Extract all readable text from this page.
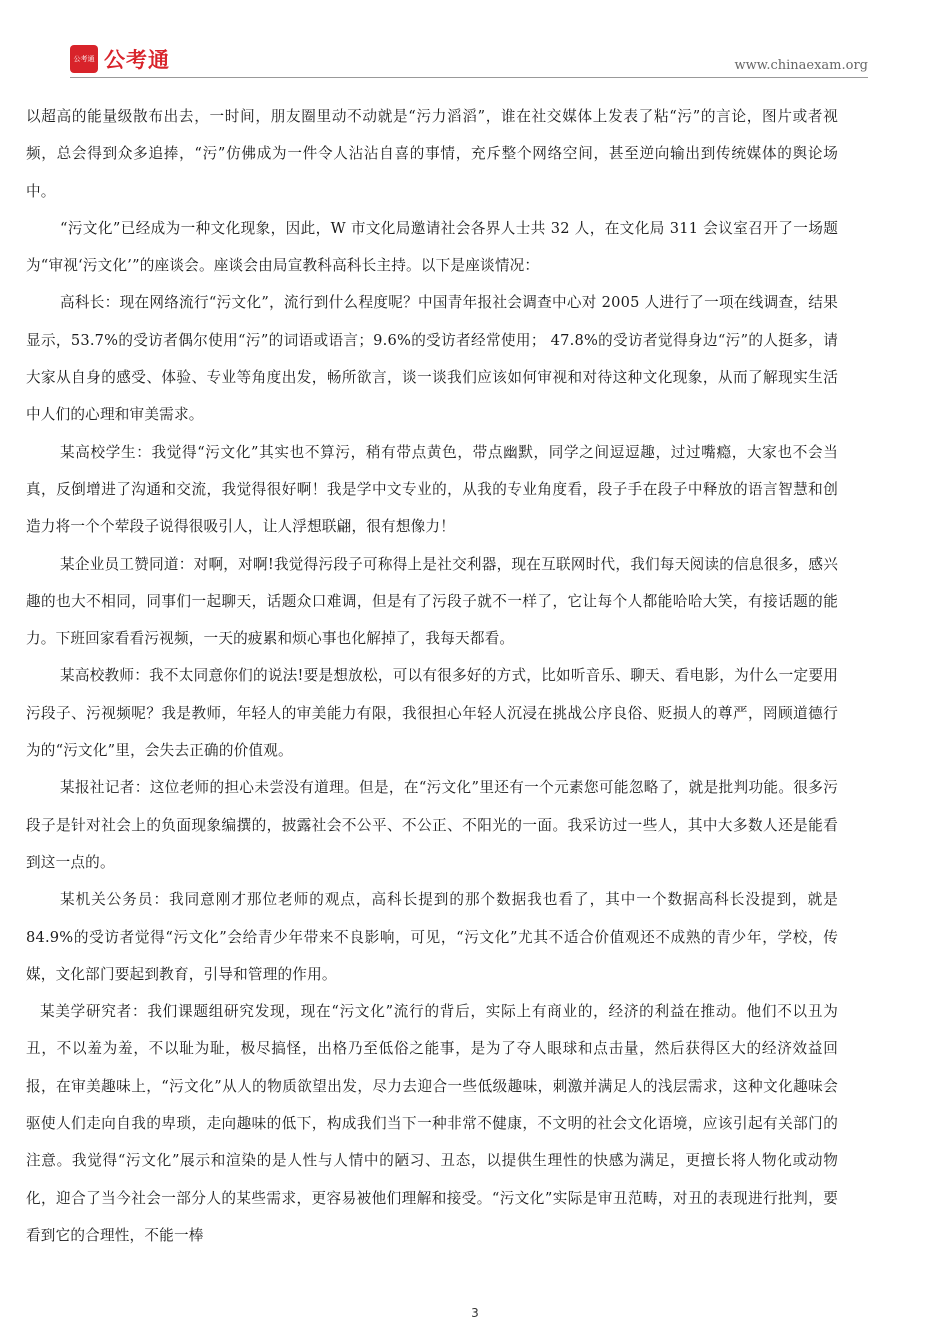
公考通 公考通	www.chinaexam.org

以超高的能量级散布出去，一时间，朋友圈里动不动就是“污力滔滔”，谁在社交媒体上发表了粘“污”的言论，图片或者视频，总会得到众多追捧，“污”仿佛成为一件令人沾沾自喜的事情，充斥整个网络空间，甚至逆向输出到传统媒体的舆论场中。

“污文化”已经成为一种文化现象，因此，W 市文化局邀请社会各界人士共 32 人，在文化局 311 会议室召开了一场题为“审视‘污文化’”的座谈会。座谈会由局宣教科高科长主持。以下是座谈情况：

高科长：现在网络流行“污文化”，流行到什么程度呢？中国青年报社会调查中心对 2005 人进行了一项在线调查，结果显示，53.7%的受访者偶尔使用“污”的词语或语言；9.6%的受访者经常使用； 47.8%的受访者觉得身边“污”的人挺多，请大家从自身的感受、体验、专业等角度出发，畅所欲言，谈一谈我们应该如何审视和对待这种文化现象，从而了解现实生活中人们的心理和审美需求。

某高校学生：我觉得“污文化”其实也不算污，稍有带点黄色，带点幽默，同学之间逗逗趣，过过嘴瘾，大家也不会当真，反倒增进了沟通和交流，我觉得很好啊！我是学中文专业的，从我的专业角度看，段子手在段子中释放的语言智慧和创造力将一个个荤段子说得很吸引人，让人浮想联翩，很有想像力！

某企业员工赞同道：对啊，对啊!我觉得污段子可称得上是社交利器，现在互联网时代，我们每天阅读的信息很多，感兴趣的也大不相同，同事们一起聊天，话题众口难调，但是有了污段子就不一样了，它让每个人都能哈哈大笑，有接话题的能力。下班回家看看污视频，一天的疲累和烦心事也化解掉了，我每天都看。

某高校教师：我不太同意你们的说法!要是想放松，可以有很多好的方式，比如听音乐、聊天、看电影，为什么一定要用污段子、污视频呢？我是教师，年轻人的审美能力有限，我很担心年轻人沉浸在挑战公序良俗、贬损人的尊严，罔顾道德行为的“污文化”里，会失去正确的价值观。

某报社记者：这位老师的担心未尝没有道理。但是，在“污文化”里还有一个元素您可能忽略了，就是批判功能。很多污段子是针对社会上的负面现象编撰的，披露社会不公平、不公正、不阳光的一面。我采访过一些人，其中大多数人还是能看到这一点的。

某机关公务员：我同意刚才那位老师的观点，高科长提到的那个数据我也看了，其中一个数据高科长没提到，就是 84.9%的受访者觉得“污文化”会给青少年带来不良影响，可见，“污文化”尤其不适合价值观还不成熟的青少年，学校，传媒，文化部门要起到教育，引导和管理的作用。

某美学研究者：我们课题组研究发现，现在“污文化”流行的背后，实际上有商业的，经济的利益在推动。他们不以丑为丑，不以羞为羞，不以耻为耻，极尽搞怪，出格乃至低俗之能事，是为了夺人眼球和点击量，然后获得区大的经济效益回报，在审美趣味上，“污文化”从人的物质欲望出发，尽力去迎合一些低级趣味，刺激并满足人的浅层需求，这种文化趣味会驱使人们走向自我的卑琐，走向趣味的低下，构成我们当下一种非常不健康，不文明的社会文化语境，应该引起有关部门的注意。我觉得“污文化”展示和渲染的是人性与人情中的陋习、丑态，以提供生理性的快感为满足，更擅长将人物化或动物化，迎合了当今社会一部分人的某些需求，更容易被他们理解和接受。“污文化”实际是审丑范畴，对丑的表现进行批判，要看到它的合理性，不能一棒

3
